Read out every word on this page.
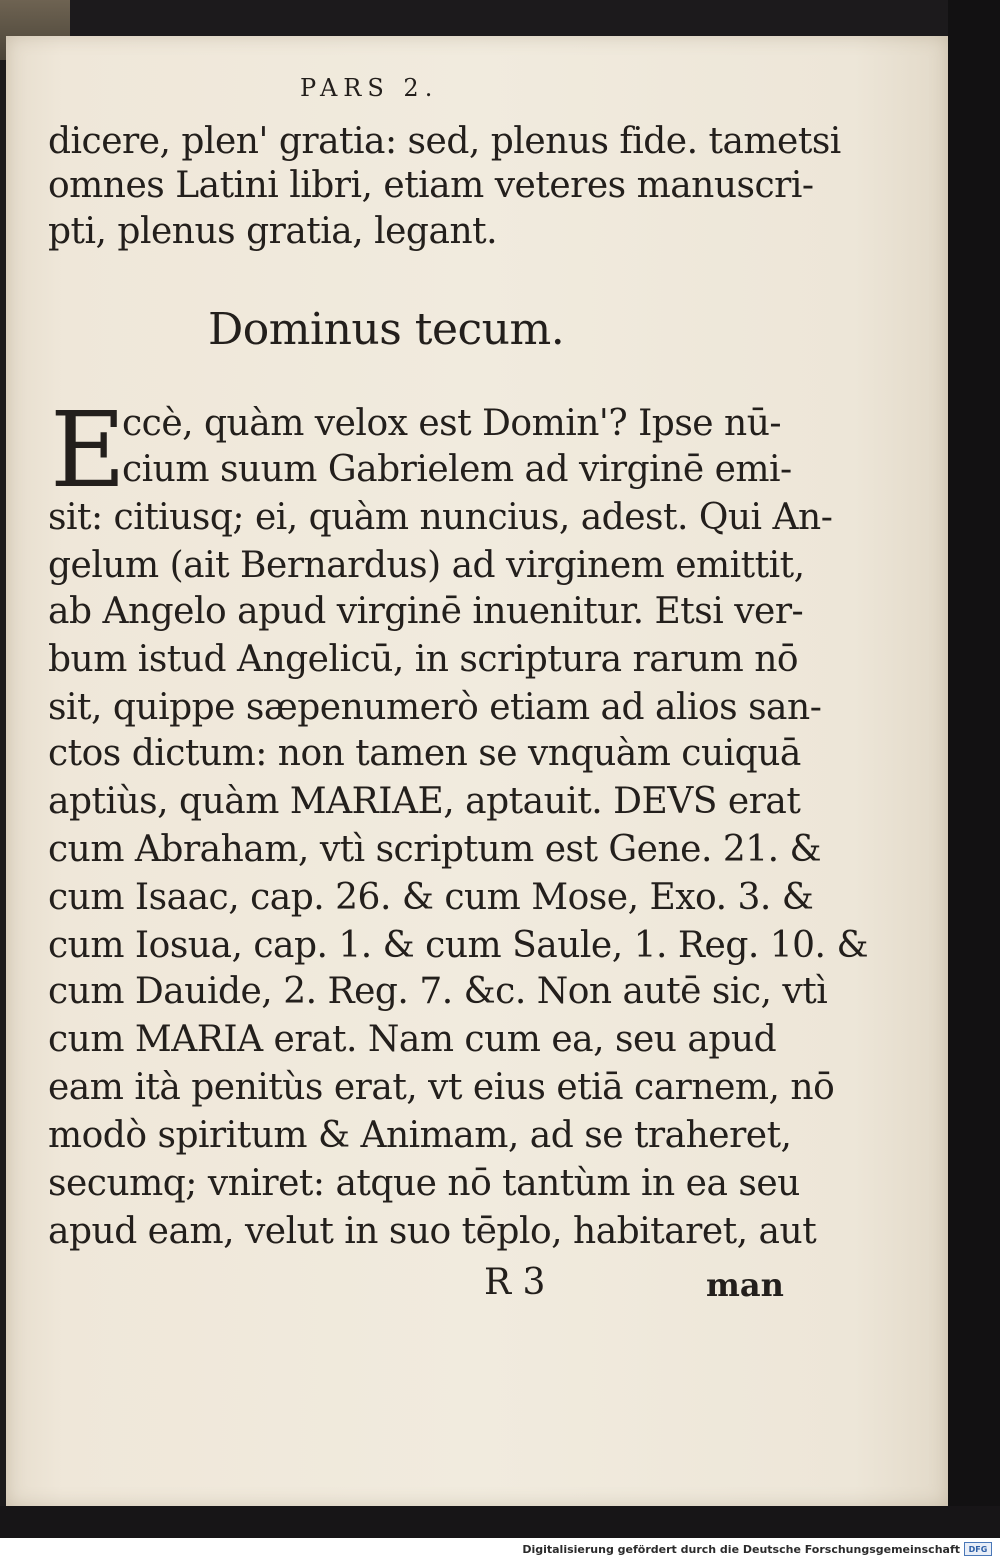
PARS 2.
dicere, plen' gratia: sed, plenus fide. tametsi
omnes Latini libri, etiam veteres manuscri-
pti, plenus gratia, legant.
Dominus tecum.
E
ccè, quàm velox est Domin'? Ipse nū-
cium suum Gabrielem ad virginē emi-
sit: citiusq; ei, quàm nuncius, adest. Qui An-
gelum (ait Bernardus) ad virginem emittit,
ab Angelo apud virginē inuenitur. Etsi ver-
bum istud Angelicū, in scriptura rarum nō
sit, quippe sæpenumerò etiam ad alios san-
ctos dictum: non tamen se vnquàm cuiquā
aptiùs, quàm MARIAE, aptauit. DEVS erat
cum Abraham, vtì scriptum est Gene. 21. &
cum Isaac, cap. 26. & cum Mose, Exo. 3. &
cum Iosua, cap. 1. & cum Saule, 1. Reg. 10. &
cum Dauide, 2. Reg. 7. &c. Non autē sic, vtì
cum MARIA erat. Nam cum ea, seu apud
eam ità penitùs erat, vt eius etiā carnem, nō
modò spiritum & Animam, ad se traheret,
secumq; vniret: atque nō tantùm in ea seu
apud eam, velut in suo tēplo, habitaret, aut
R 3	man
Digitalisierung gefördert durch die Deutsche Forschungsgemeinschaft	DFG
